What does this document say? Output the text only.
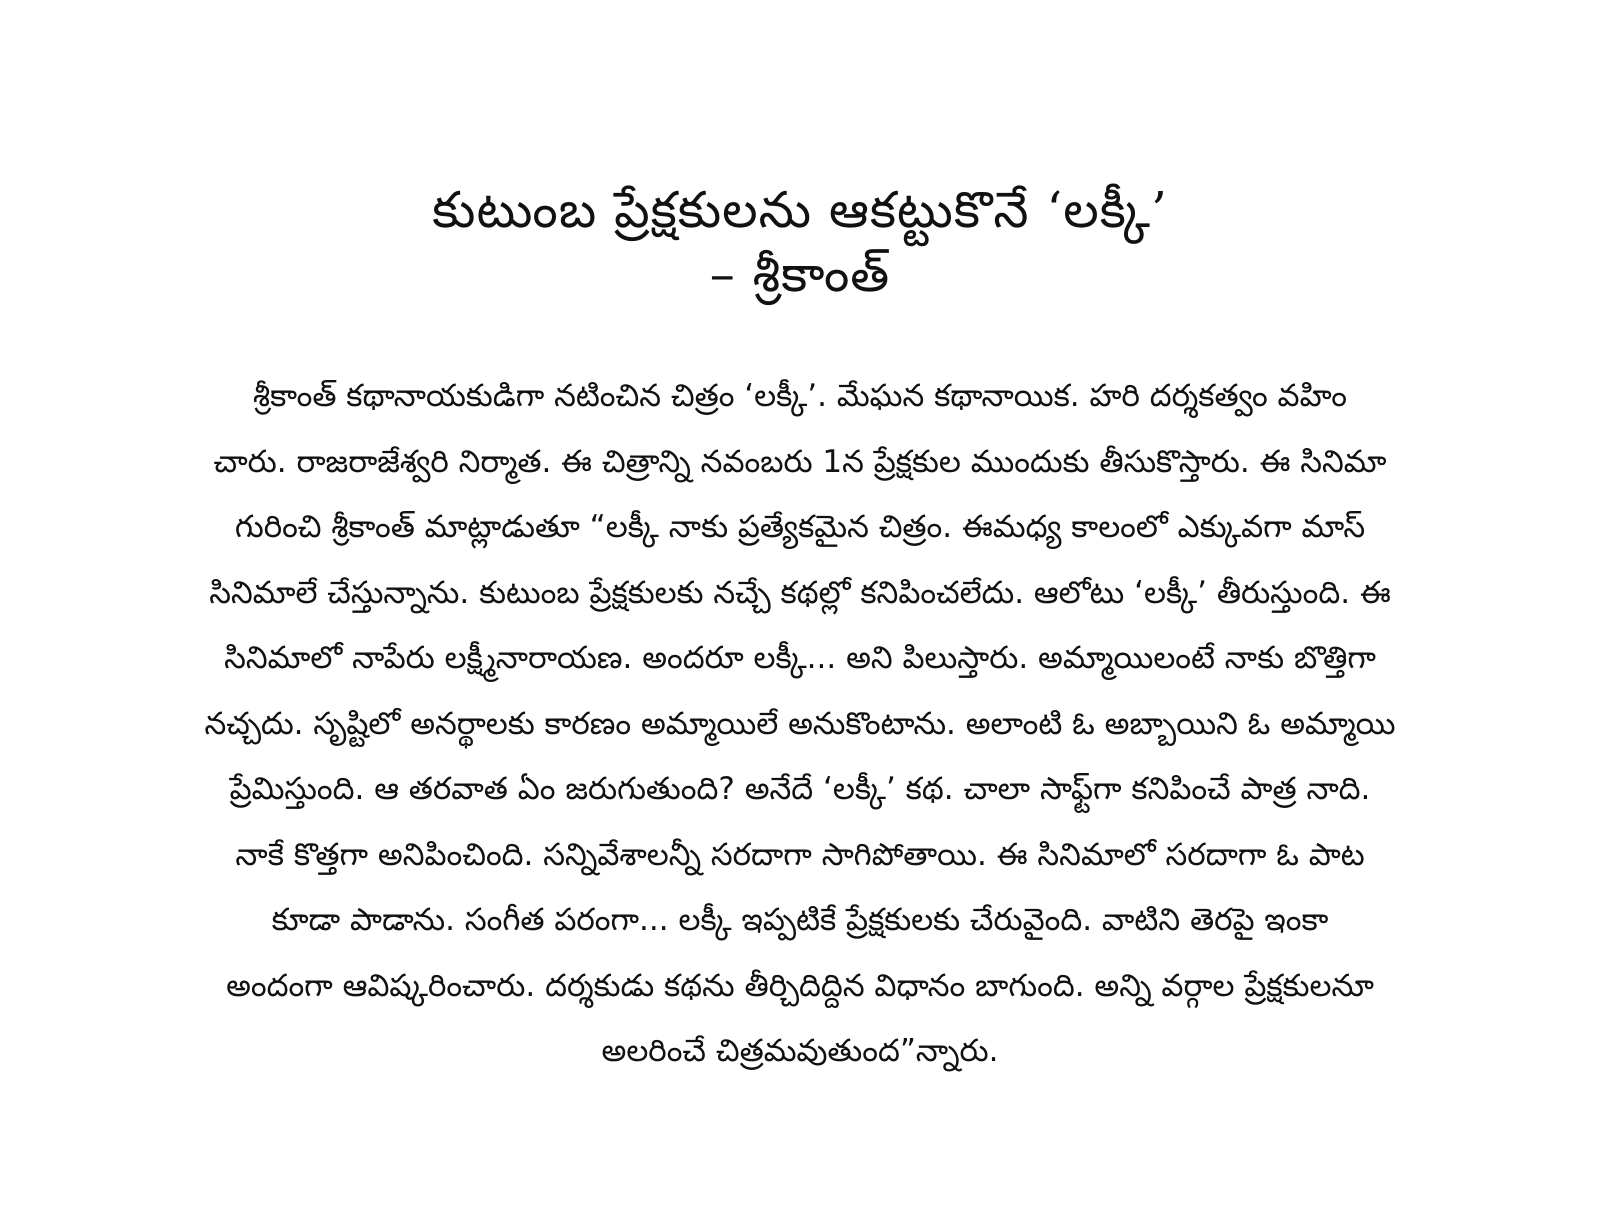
కుటుంబ ప్రేక్షకులను ఆకట్టుకొనే ‘లక్కీ’
– శ్రీకాంత్
శ్రీకాంత్ కథానాయకుడిగా నటించిన చిత్రం ‘లక్కీ’. మేఘన కథానాయిక. హరి దర్శకత్వం వహిం
చారు. రాజరాజేశ్వరి నిర్మాత. ఈ చిత్రాన్ని నవంబరు 1న ప్రేక్షకుల ముందుకు తీసుకొస్తారు. ఈ సినిమా
గురించి శ్రీకాంత్ మాట్లాడుతూ “లక్కీ నాకు ప్రత్యేకమైన చిత్రం. ఈమధ్య కాలంలో ఎక్కువగా మాస్
సినిమాలే చేస్తున్నాను. కుటుంబ ప్రేక్షకులకు నచ్చే కథల్లో కనిపించలేదు. ఆలోటు ‘లక్కీ’ తీరుస్తుంది. ఈ
సినిమాలో నాపేరు లక్ష్మీనారాయణ. అందరూ లక్కీ... అని పిలుస్తారు. అమ్మాయిలంటే నాకు బొత్తిగా
నచ్చదు. సృష్టిలో అనర్థాలకు కారణం అమ్మాయిలే అనుకొంటాను. అలాంటి ఓ అబ్బాయిని ఓ అమ్మాయి
ప్రేమిస్తుంది. ఆ తరవాత ఏం జరుగుతుంది? అనేదే ‘లక్కీ’ కథ. చాలా సాఫ్ట్‌గా కనిపించే పాత్ర నాది.
నాకే కొత్తగా అనిపించింది. సన్నివేశాలన్నీ సరదాగా సాగిపోతాయి. ఈ సినిమాలో సరదాగా ఓ పాట
కూడా పాడాను. సంగీత పరంగా... లక్కీ ఇప్పటికే ప్రేక్షకులకు చేరువైంది. వాటిని తెరపై ఇంకా
అందంగా ఆవిష్కరించారు. దర్శకుడు కథను తీర్చిదిద్దిన విధానం బాగుంది. అన్ని వర్గాల ప్రేక్షకులనూ
అలరించే చిత్రమవుతుంద”న్నారు.
